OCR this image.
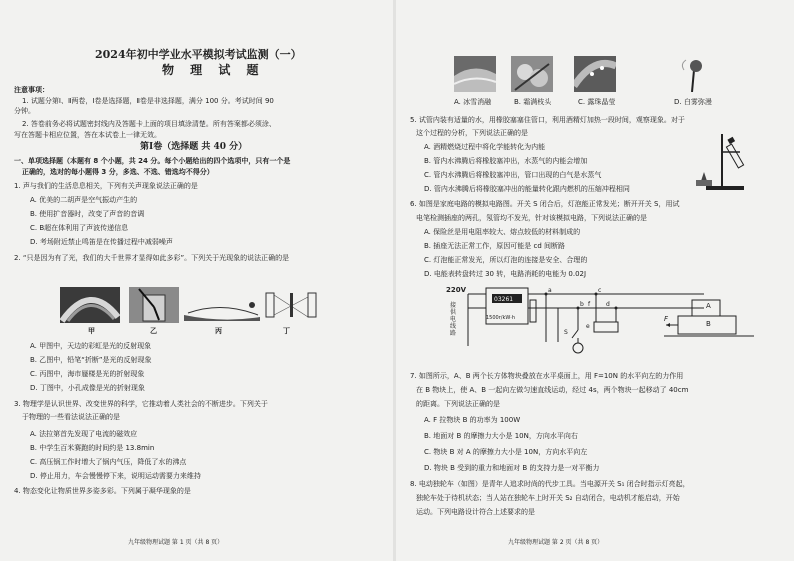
2024年初中学业水平模拟考试监测（一）
物 理 试 题
注意事项：
1. 试题分第Ⅰ、Ⅱ两卷，Ⅰ卷是选择题，Ⅱ卷是非选择题，满分 100 分。考试时间 90
分钟。
2. 答卷前务必将试题密封线内及答题卡上面的项目填涂清楚。所有答案都必须涂、
写在答题卡相应位置，答在本试卷上一律无效。
第Ⅰ卷（选择题 共 40 分）
一、单项选择题（本题有 8 个小题，共 24 分。每个小题给出的四个选项中，只有一个是
正确的，选对的每小题得 3 分，多选、不选、错选均不得分）
1. 声与我们的生活息息相关，下列有关声现象说法正确的是
A. 优美的二胡声是空气振动产生的
B. 使用扩音器时，改变了声音的音调
C. B超在体利用了声波传递信息
D. 考场附近禁止鸣笛是在传播过程中减弱噪声
2. “只是因为有了光，我们的大千世界才显得如此多彩”。下列关于光现象的说法正确的是
甲	乙	丙	丁
A. 甲图中，天边的彩虹是光的反射现象
B. 乙图中，铅笔“折断”是光的反射现象
C. 丙图中，海市蜃楼是光的折射现象
D. 丁图中，小孔成像是光的折射现象
3. 物理学是认识世界、改变世界的科学，它推动着人类社会的不断进步。下列关于
于物理的一些看法说法正确的是
A. 法拉第首先发现了电流的磁效应
B. 中学生百米赛跑的时间约是 13.8min
C. 高压锅工作时增大了锅内气压，降低了水的沸点
D. 停止用力，车会慢慢停下来，说明运动需要力来维持
4. 物态变化让物质世界多姿多彩。下列属于凝华现象的是
九年级物理试题 第 1 页（共 8 页）
A. 冰雪消融	B. 霜满枝头	C. 露珠晶莹	D. 白雾弥漫
5. 试管内装有适量的水，用橡胶塞塞住管口，利用酒精灯加热一段时间，观察现象。对于
这个过程的分析，下列说法正确的是
A. 酒精燃烧过程中将化学能转化为内能
B. 管内水沸腾后将橡胶塞冲出，水蒸气的内能会增加
C. 管内水沸腾后将橡胶塞冲出，管口出现的白气是水蒸气
D. 管内水沸腾后将橡胶塞冲出的能量转化跟内燃机的压缩冲程相同
6. 如图是家庭电路的模拟电路图。开关 S 闭合后，灯泡能正常发光；断开开关 S，用试
电笔检测插座的两孔，氖管均不发光，针对该模拟电路，下列说法正确的是
A. 保险丝是用电阻率较大、熔点较低的材料制成的
B. 插座无法正常工作，原因可能是 cd 间断路
C. 灯泡能正常发光，所以灯泡的连接是安全、合理的
D. 电能表转盘转过 30 转，电路消耗的电能为 0.02J
220V
接供电线路
03261
1500r/kW·h
a
b
c
d
f
e
S
A
B
F
7. 如图所示，A、B 两个长方体物块叠放在水平桌面上，用 F=10N 的水平向左的力作用
在 B 物块上，使 A、B 一起向左做匀速直线运动，经过 4s，两个物块一起移动了 40cm
的距离。下列说法正确的是
A. F 拉物块 B 的功率为 100W
B. 地面对 B 的摩擦力大小是 10N，方向水平向右
C. 物块 B 对 A 的摩擦力大小是 10N，方向水平向左
D. 物块 B 受到的重力和地面对 B 的支持力是一对平衡力
8. 电动独轮车（如图）是青年人追求时尚的代步工具。当电源开关 S₁ 闭合时指示灯亮起，
独轮车处于待机状态；当人站在独轮车上时开关 S₂ 自动闭合，电动机才能启动，开始
运动。下列电路设计符合上述要求的是
九年级物理试题 第 2 页（共 8 页）
